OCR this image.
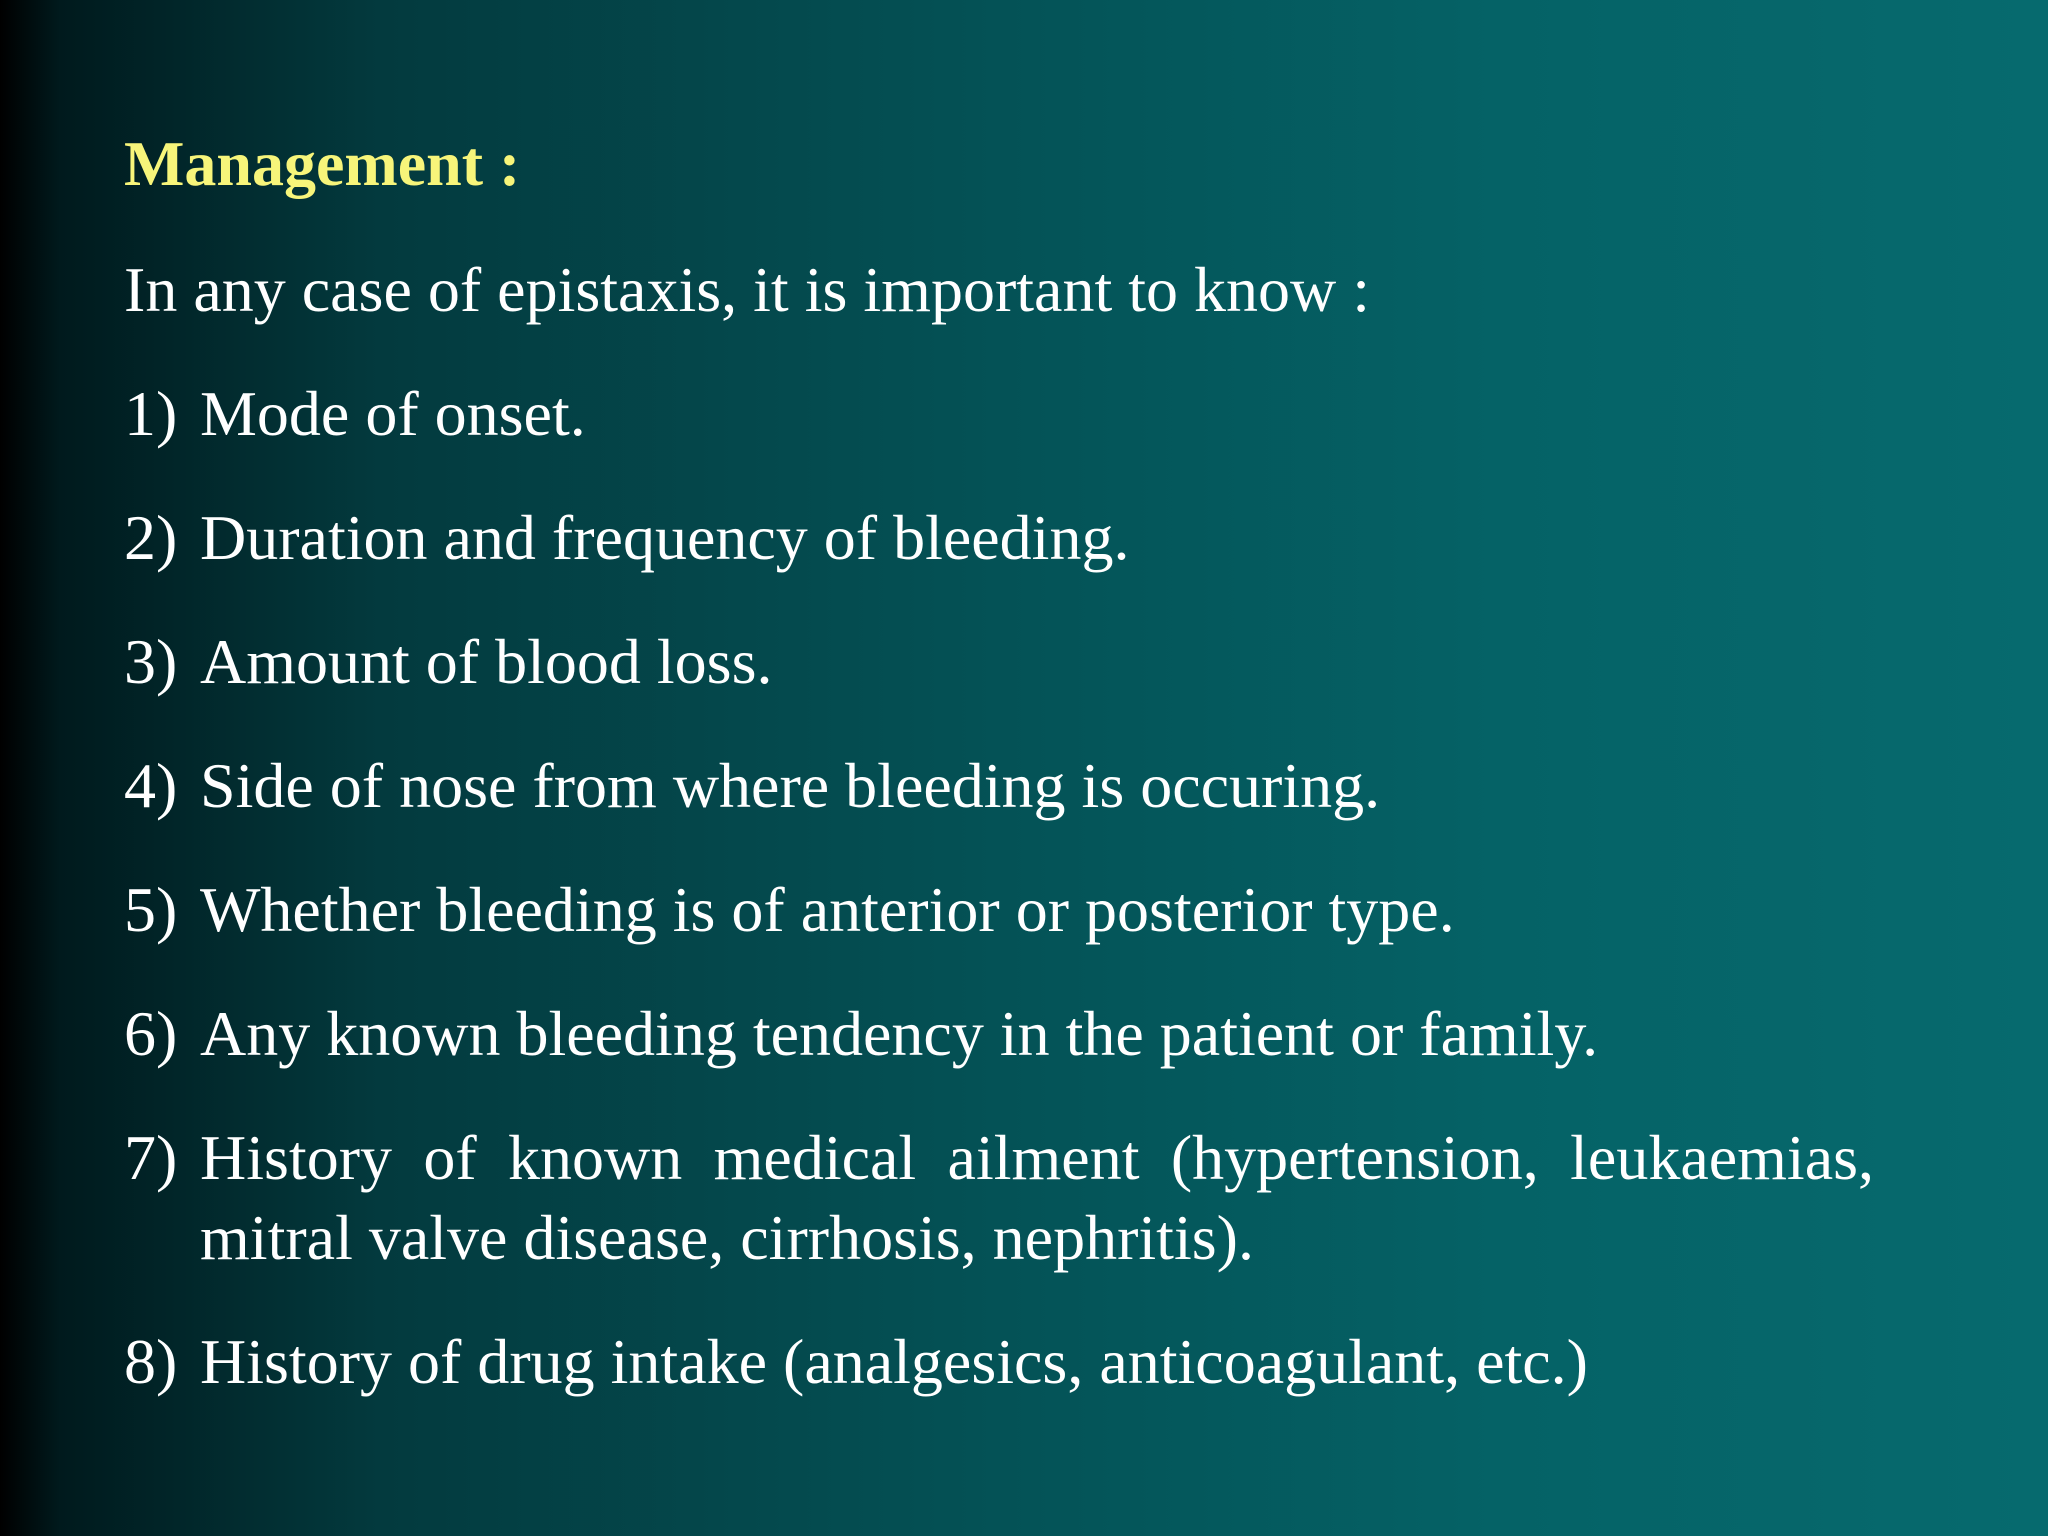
Management :
In any case of epistaxis, it is important to know :
1) Mode of onset.
2) Duration and frequency of bleeding.
3) Amount of blood loss.
4) Side of nose from where bleeding is occuring.
5) Whether bleeding is of anterior or posterior type.
6) Any known bleeding tendency in the patient or family.
7) History of known medical ailment (hypertension, leukaemias, mitral valve disease, cirrhosis, nephritis).
8) History of drug intake (analgesics, anticoagulant, etc.)
